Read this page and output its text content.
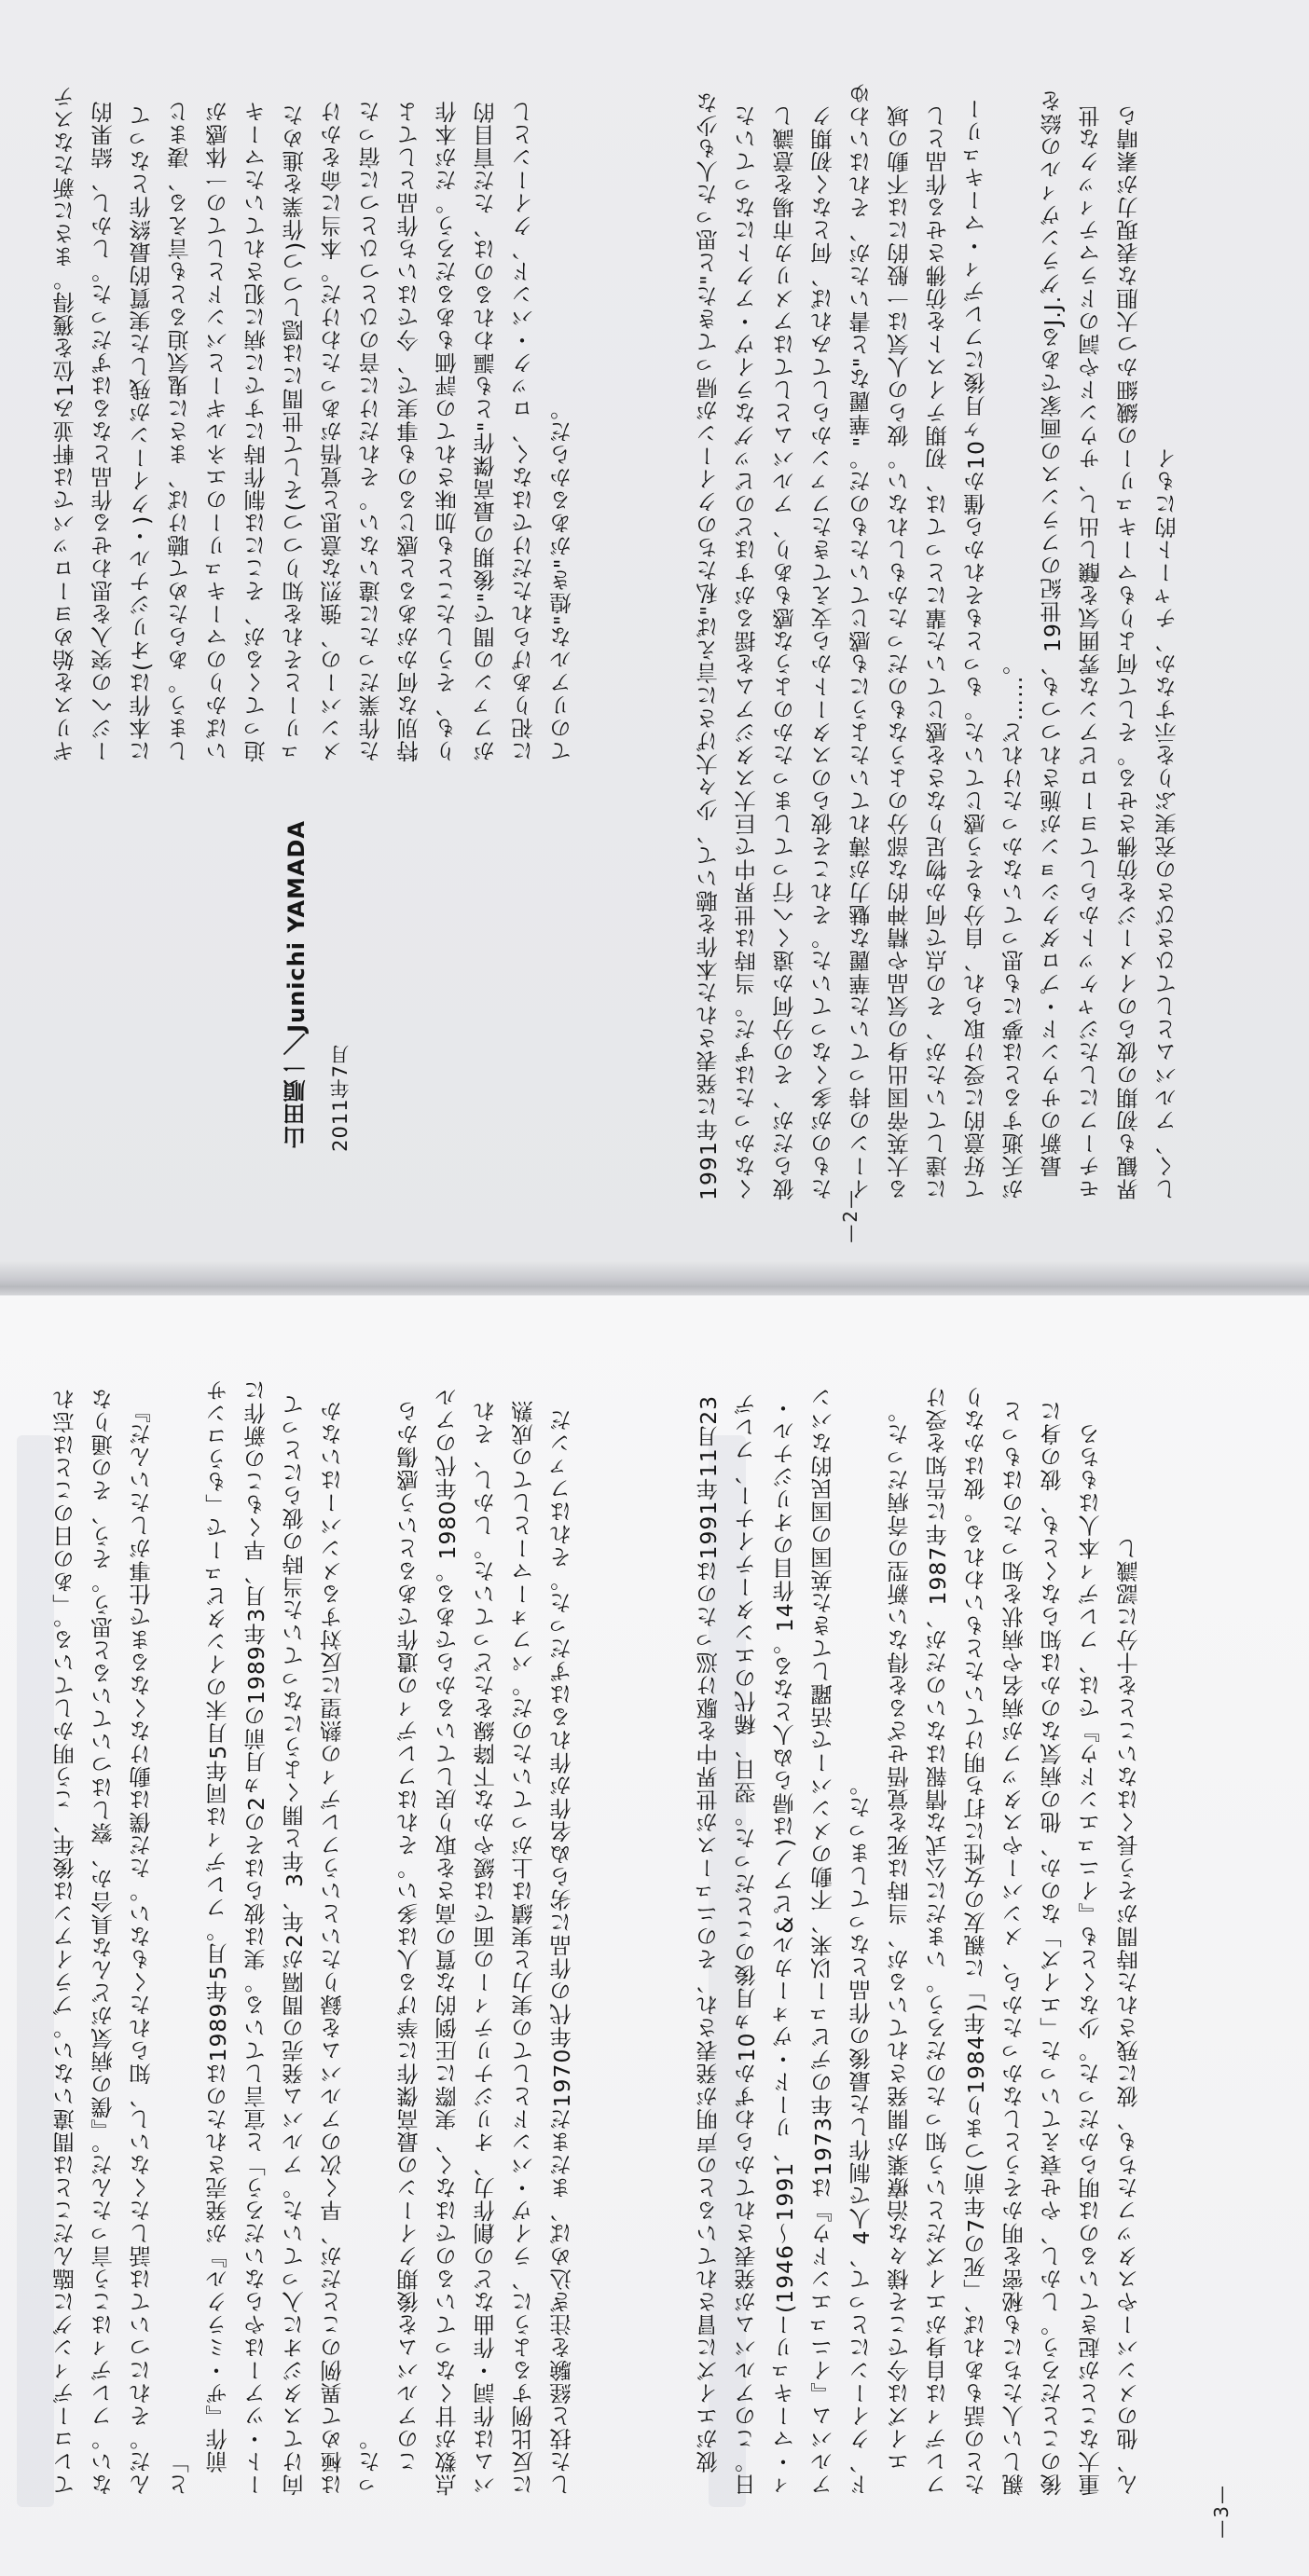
1991年に発表された本作を聴いて、少々大げさに言えば"私たちのクイーンが帰ってきた"と思った人も少なくなかったはずだ。当時は世界中で巨大スタジアムを揺るがすほどのビッグなライヴ・アクトになっていた彼らだが、その分何か遠くへ行ってしまったかのような感もあり、アルバムとしてはアメリカ市場を意識したものが多くなっていた。それこそ彼らのスタートから支えてきたファンからしてみれば、何となく初期クイーンの持っていた華麗な魅力が薄れていたようにも感じていたものだ。"華麗な"と書いたが、それはいわゆる大英帝国出身の気品や精神的な部分のようなものだったかもしれない。彼らの人気は一般的には不動の域に達していたが、その点で何か物足りなさを感じていた輩にとっては、初期テイストを彷彿させる作品として好意的に受け取られ、自分もそう感じていた。もっともそれから僅か10ヶ月後にフレディ・マーキュリーが夭逝するとは夢にも思っていなかったけれど……。
　最新のサウンド・プロダクションが施されつつも、19世紀のフランスの画家であるJ.J.グランヴィルの絵をモチーフにしたジャケットからしてヨーロピアンな雰囲気を醸し出し、サウンドや詞のドラマティックな世界観も初期の彼らのイメージを彷彿させる。そして何よりもマーキュリーの繊細かつ大胆な表現力が素晴らしく、アルバムとしてひさびさの充実ぶりを示すなか、チャート的にもイ
ギリスを始めヨーロッパでは軒並み1位を獲得。まさに新たなステージへの突入を思わせる作品となるはずだった。しかし、結果的に本作は(オリジナル・)クイーンが残した実質的最終作となってしまう。あらためて聴けば、まさに鬼気迫るとも言える、凄まじいばかりのマーキュリーのエネルギーとバンドとしての一体感が迫ってくるが、そこには制作時にすでに病に犯されていたマーキュリーとそれを知りつつ(そして世間には隠しつつ)作業を進めたメンバーの、強烈な意思と覚悟があったわけだ。本当に命をかけた作業だったに違いない。それだけに音のひとつひとつに宿った特別な何かがあると感じるのも事実で、今ではいち作品としてよりも、そうしたことも加味されての評価もあるだろう。だが本作がファンの間で"後期の最高傑作"とも謳われるのは、ただ盲目的に祀りあげられただけではなく、ロック・バンド、クイーンとしてのリアルな"煌き"があるからだ。
2011年7月
山田順一／Junichi YAMADA
—2—
　彼がエイズに冒されているとの声明が発表され、そのニュースが世界中を駆け巡ったのは1991年11月23日。このアルバムが発表されてからわずか10ヵ月後のことだった。翌日、稀代のエンターテイナー、フレディ・マーキュリー(1946〜1991、リード・ヴォーカル&ピアノ)は帰らぬ人となる。14作目のオリジナル・アルバム『イニュエンドウ』は1973年のデビュー以来、不動のメンバーで活躍してきた英国の国民的なバンド、クイーンにとって、4人で制作した最後の作品となってしまった。
　エイズは今でこそ様々な治療薬が開発されているが、当時は死を覚悟せざるを得ない新型の奇病だった。フレディは自身がエイズだという知ったのだろう。いまだに公式な情報はないのだが、1987年に告知を受けたとの話もあれば、「死の7年前(つまり1984年)」に親友の女性に打ち明けていたともいわれる。彼はかなり親しい人たちにも秘密を明かそうとしなかったから、メンバーやスタッフが病名や病状を知ったのはもっと後のことだろう。しかし、やせ衰えていった「エイズ」なのか、他の病気なのかは知らなくとも、彼の身に重大なことが起きているのは明らかだった。少なくとも『イニュエンドウ』では、フレディ本人はもちろん、他のメンバーやスタッフたちも、彼に残された時間がそう長くはないことを十分に認識し
てレコーディングに臨んだことは間違いない。ブライアンは後年、こう明かしている。「あの日のことは忘れない。フレディはこう言ったんだ。『僕の病気がどんな具合か、察しはついていると思う。そう、その通りなんだ。それについては話したくないし、知られたくもない。ただ僕は動けなくなるまで仕事がしたいんだ』と」
　前作『ザ・ミラクル』が発売されたのは1989年5月。フレディは同年5月末のインタビューで「もうコンサート・ツアーはやらないだろう」と宣言している。実は彼らはその2ヵ月前の1989年3月、早くもこの新作に向けてスタジオに入っていた。アルバム発売の間隔が2年、3年と開くようになっていた当時の彼らにとっては極めて異例のことだが、早く次のアルバムを録りたいというフレディの熱望に反対するメンバーはいなかった。
　このアルバムを後期クイーンの最高傑作に挙げる人は多い。それはフレディの遺作であるという感傷から点数が甘くなっているのではなく、実際に圧倒的な質の高さを取り戻しているからである。1980年代のアルバムは作詞・作曲などの創作力、オリジナリティーの面では緩やかな下降線をたどっていた。しかし、それに反比例するように、ライヴ・バンドとしての実力と実績は上がっていたのだ。パフォーマーとしての成熟した技と経験を注ぎ込めば、まだまだ1970年代の作品に劣らぬ名作が作れるはずだった。それはファンだ
—3—
